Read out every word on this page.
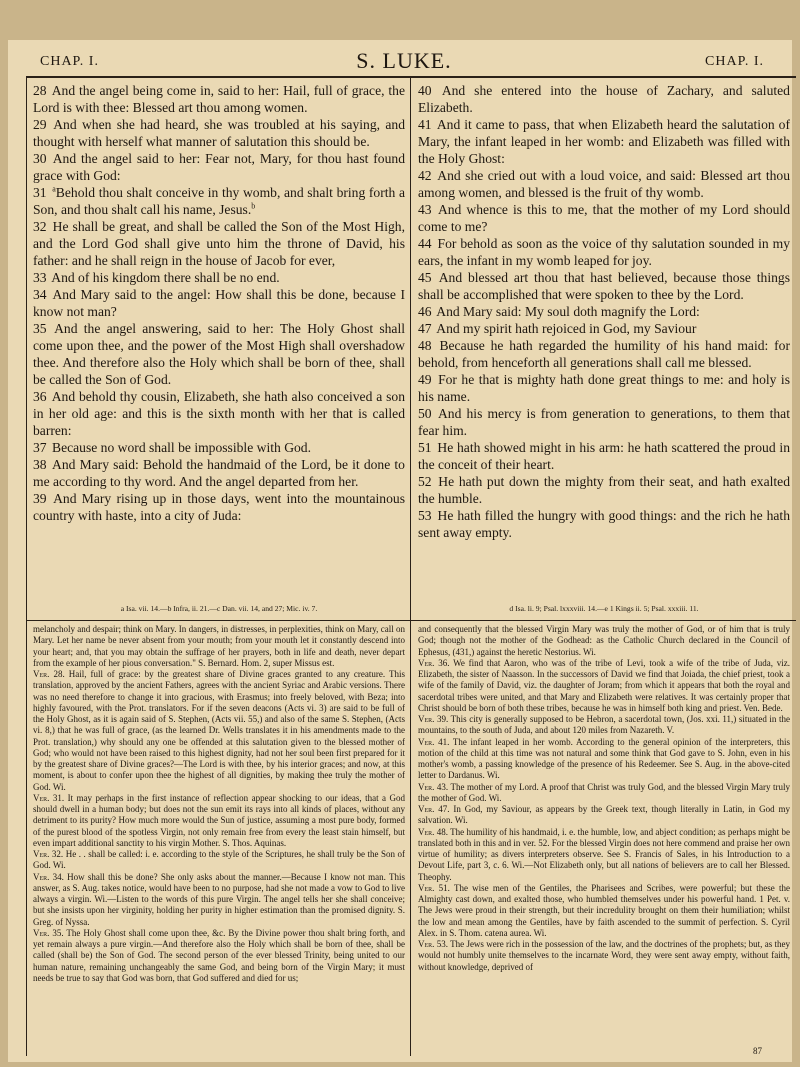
CHAP. I.	S. LUKE.	CHAP. I.

28 And the angel being come in, said to her: Hail, full of grace, the Lord is with thee: Blessed art thou among women.

29 And when she had heard, she was troubled at his saying, and thought with herself what manner of salutation this should be.

30 And the angel said to her: Fear not, Mary, for thou hast found grace with God:

31 $^a$Behold thou shalt conceive in thy womb, and shalt bring forth a Son, and thou shalt call his name, Jesus.$^b$

32 He shall be great, and shall be called the Son of the Most High, and the Lord God shall give unto him the throne of David, his father: and he shall reign in the house of Jacob for ever,

33 And of his kingdom there shall be no end.

34 And Mary said to the angel: How shall this be done, because I know not man?

35 And the angel answering, said to her: The Holy Ghost shall come upon thee, and the power of the Most High shall overshadow thee. And therefore also the Holy which shall be born of thee, shall be called the Son of God.

36 And behold thy cousin, Elizabeth, she hath also conceived a son in her old age: and this is the sixth month with her that is called barren:

37 Because no word shall be impossible with God.

38 And Mary said: Behold the handmaid of the Lord, be it done to me according to thy word. And the angel departed from her.

39 And Mary rising up in those days, went into the mountainous country with haste, into a city of Juda:

40 And she entered into the house of Zachary, and saluted Elizabeth.

41 And it came to pass, that when Elizabeth heard the salutation of Mary, the infant leaped in her womb: and Elizabeth was filled with the Holy Ghost:

42 And she cried out with a loud voice, and said: Blessed art thou among women, and blessed is the fruit of thy womb.

43 And whence is this to me, that the mother of my Lord should come to me?

44 For behold as soon as the voice of thy salutation sounded in my ears, the infant in my womb leaped for joy.

45 And blessed art thou that hast believed, because those things shall be accomplished that were spoken to thee by the Lord.

46 And Mary said: My soul doth magnify the Lord:

47 And my spirit hath rejoiced in God, my Saviour

48 Because he hath regarded the humility of his hand maid: for behold, from henceforth all generations shall call me blessed.

49 For he that is mighty hath done great things to me: and holy is his name.

50 And his mercy is from generation to generations, to them that fear him.

51 He hath showed might in his arm: he hath scattered the proud in the conceit of their heart.

52 He hath put down the mighty from their seat, and hath exalted the humble.

53 He hath filled the hungry with good things: and the rich he hath sent away empty.

a Isa. vii. 14.—b Infra, ii. 21.—c Dan. vii. 14, and 27; Mic. iv. 7.	d Isa. li. 9; Psal. lxxxviii. 14.—e 1 Kings ii. 5; Psal. xxxiii. 11.

melancholy and despair; think on Mary. In dangers, in distresses, in perplexities, think on Mary, call on Mary. Let her name be never absent from your mouth; from your mouth let it constantly descend into your heart; and, that you may obtain the suffrage of her prayers, both in life and death, never depart from the example of her pious conversation." S. Bernard. Hom. 2, super Missus est.

Ver. 28. Hail, full of grace: by the greatest share of Divine graces granted to any creature. This translation, approved by the ancient Fathers, agrees with the ancient Syriac and Arabic versions. There was no need therefore to change it into gracious, with Erasmus; into freely beloved, with Beza; into highly favoured, with the Prot. translators. For if the seven deacons (Acts vi. 3) are said to be full of the Holy Ghost, as it is again said of S. Stephen, (Acts vii. 55,) and also of the same S. Stephen, (Acts vi. 8,) that he was full of grace, (as the learned Dr. Wells translates it in his amendments made to the Prot. translation,) why should any one be offended at this salutation given to the blessed mother of God; who would not have been raised to this highest dignity, had not her soul been first prepared for it by the greatest share of Divine graces?—The Lord is with thee, by his interior graces; and now, at this moment, is about to confer upon thee the highest of all dignities, by making thee truly the mother of God. Wi.

Ver. 31. It may perhaps in the first instance of reflection appear shocking to our ideas, that a God should dwell in a human body; but does not the sun emit its rays into all kinds of places, without any detriment to its purity? How much more would the Sun of justice, assuming a most pure body, formed of the purest blood of the spotless Virgin, not only remain free from every the least stain himself, but even impart additional sanctity to his virgin Mother. S. Thos. Aquinas.

Ver. 32. He . . shall be called: i. e. according to the style of the Scriptures, he shall truly be the Son of God. Wi.

Ver. 34. How shall this be done? She only asks about the manner.—Because I know not man. This answer, as S. Aug. takes notice, would have been to no purpose, had she not made a vow to God to live always a virgin. Wi.—Listen to the words of this pure Virgin. The angel tells her she shall conceive; but she insists upon her virginity, holding her purity in higher estimation than the promised dignity. S. Greg. of Nyssa.

Ver. 35. The Holy Ghost shall come upon thee, &c. By the Divine power thou shalt bring forth, and yet remain always a pure virgin.—And therefore also the Holy which shall be born of thee, shall be called (shall be) the Son of God. The second person of the ever blessed Trinity, being united to our human nature, remaining unchangeably the same God, and being born of the Virgin Mary; it must needs be true to say that God was born, that God suffered and died for us;

and consequently that the blessed Virgin Mary was truly the mother of God, or of him that is truly God; though not the mother of the Godhead: as the Catholic Church declared in the Council of Ephesus, (431,) against the heretic Nestorius. Wi.

Ver. 36. We find that Aaron, who was of the tribe of Levi, took a wife of the tribe of Juda, viz. Elizabeth, the sister of Naasson. In the successors of David we find that Joiada, the chief priest, took a wife of the family of David, viz. the daughter of Joram; from which it appears that both the royal and sacerdotal tribes were united, and that Mary and Elizabeth were relatives. It was certainly proper that Christ should be born of both these tribes, because he was in himself both king and priest. Ven. Bede.

Ver. 39. This city is generally supposed to be Hebron, a sacerdotal town, (Jos. xxi. 11,) situated in the mountains, to the south of Juda, and about 120 miles from Nazareth. V.

Ver. 41. The infant leaped in her womb. According to the general opinion of the interpreters, this motion of the child at this time was not natural and some think that God gave to S. John, even in his mother's womb, a passing knowledge of the presence of his Redeemer. See S. Aug. in the above-cited letter to Dardanus. Wi.

Ver. 43. The mother of my Lord. A proof that Christ was truly God, and the blessed Virgin Mary truly the mother of God. Wi.

Ver. 47. In God, my Saviour, as appears by the Greek text, though literally in Latin, in God my salvation. Wi.

Ver. 48. The humility of his handmaid, i. e. the humble, low, and abject condition; as perhaps might be translated both in this and in ver. 52. For the blessed Virgin does not here commend and praise her own virtue of humility; as divers interpreters observe. See S. Francis of Sales, in his Introduction to a Devout Life, part 3, c. 6. Wi.—Not Elizabeth only, but all nations of believers are to call her Blessed. Theophy.

Ver. 51. The wise men of the Gentiles, the Pharisees and Scribes, were powerful; but these the Almighty cast down, and exalted those, who humbled themselves under his powerful hand. 1 Pet. v. The Jews were proud in their strength, but their incredulity brought on them their humiliation; whilst the low and mean among the Gentiles, have by faith ascended to the summit of perfection. S. Cyril Alex. in S. Thom. catena aurea. Wi.

Ver. 53. The Jews were rich in the possession of the law, and the doctrines of the prophets; but, as they would not humbly unite themselves to the incarnate Word, they were sent away empty, without faith, without knowledge, deprived of

87
